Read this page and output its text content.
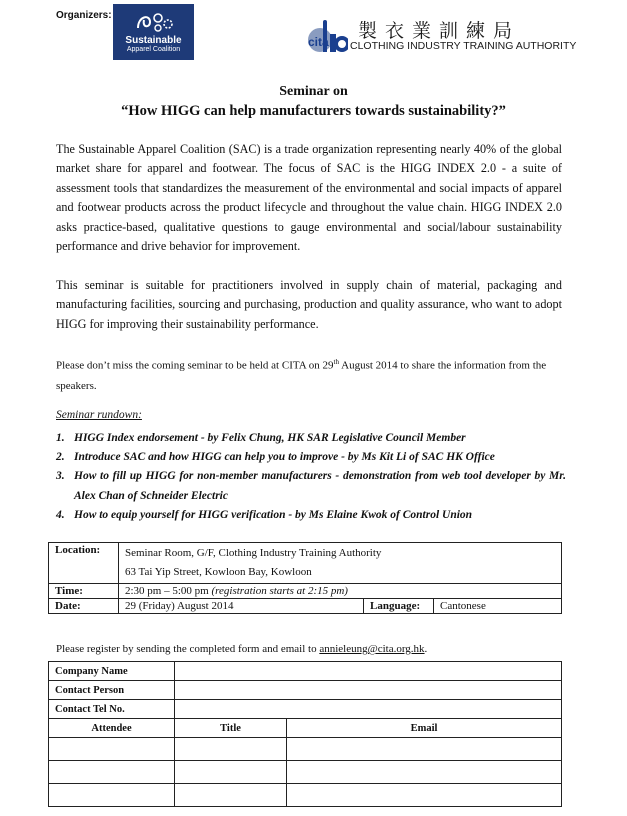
Organizers:
Sustainable
Apparel Coalition
cita 製衣業訓練局
CLOTHING INDUSTRY TRAINING AUTHORITY
Seminar on
“How HIGG can help manufacturers towards sustainability?”
The Sustainable Apparel Coalition (SAC) is a trade organization representing nearly 40% of the global market share for apparel and footwear. The focus of SAC is the HIGG INDEX 2.0 - a suite of assessment tools that standardizes the measurement of the environmental and social impacts of apparel and footwear products across the product lifecycle and throughout the value chain. HIGG INDEX 2.0 asks practice-based, qualitative questions to gauge environmental and social/labour sustainability performance and drive behavior for improvement.
This seminar is suitable for practitioners involved in supply chain of material, packaging and manufacturing facilities, sourcing and purchasing, production and quality assurance, who want to adopt HIGG for improving their sustainability performance.
Please don’t miss the coming seminar to be held at CITA on 29th August 2014 to share the information from the speakers.
Seminar rundown:
1. HIGG Index endorsement - by Felix Chung, HK SAR Legislative Council Member
2. Introduce SAC and how HIGG can help you to improve - by Ms Kit Li of SAC HK Office
3. How to fill up HIGG for non-member manufacturers - demonstration from web tool developer by Mr. Alex Chan of Schneider Electric
4. How to equip yourself for HIGG verification - by Ms Elaine Kwok of Control Union
Location:	Seminar Room, G/F, Clothing Industry Training Authority
63 Tai Yip Street, Kowloon Bay, Kowloon		

Time:	2:30 pm – 5:00 pm (registration starts at 2:15 pm)		
Date:	29 (Friday) August 2014	Language:	Cantonese
Please register by sending the completed form and email to annieleung@cita.org.hk.
Company Name		
Contact Person		
Contact Tel No.		
Attendee	Title	Email
